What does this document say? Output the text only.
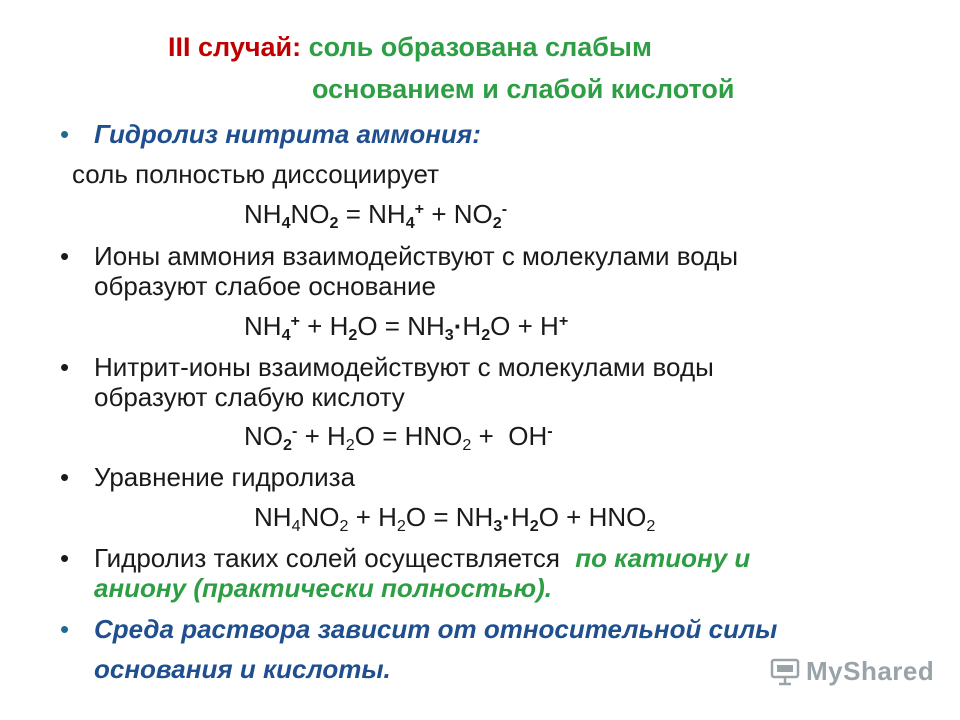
III случай: соль образована слабым
основанием и слабой кислотой
• Гидролиз нитрита аммония:
соль полностью диссоциирует
$NH_4NO_2 = NH_4^+ + NO_2^-$
• Ионы аммония взаимодействуют с молекулами воды
образуют слабое основание
$NH_4^+ + H_2O = NH_3\cdot H_2O + H^+$
• Нитрит-ионы взаимодействуют с молекулами воды
образуют слабую кислоту
$NO_2^- + H_2O = HNO_2 + OH^-$
• Уравнение гидролиза
$NH_4NO_2 + H_2O = NH_3\cdot H_2O + HNO_2$
• Гидролиз таких солей осуществляется по катиону и
аниону (практически полностью).
• Среда раствора зависит от относительной силы
основания и кислоты.	MyShared
